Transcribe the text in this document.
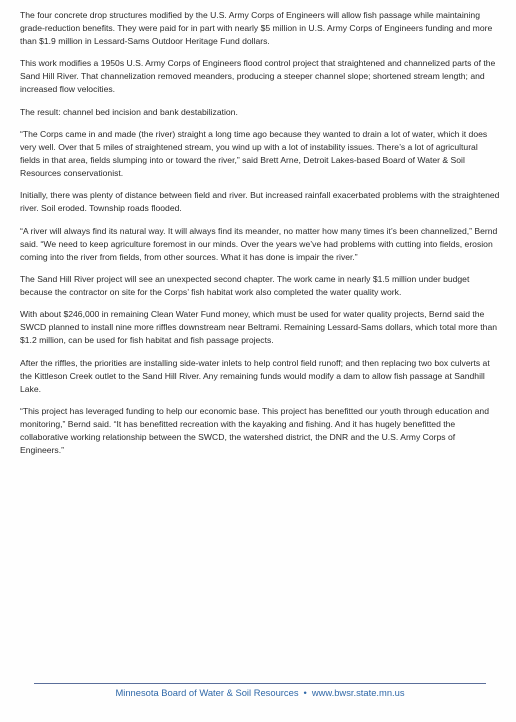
The four concrete drop structures modified by the U.S. Army Corps of Engineers will allow fish passage while maintaining grade-reduction benefits. They were paid for in part with nearly $5 million in U.S. Army Corps of Engineers funding and more than $1.9 million in Lessard-Sams Outdoor Heritage Fund dollars.

This work modifies a 1950s U.S. Army Corps of Engineers flood control project that straightened and channelized parts of the Sand Hill River. That channelization removed meanders, producing a steeper channel slope; shortened stream length; and increased flow velocities.

The result: channel bed incision and bank destabilization.

“The Corps came in and made (the river) straight a long time ago because they wanted to drain a lot of water, which it does very well. Over that 5 miles of straightened stream, you wind up with a lot of instability issues. There’s a lot of agricultural fields in that area, fields slumping into or toward the river,” said Brett Arne, Detroit Lakes-based Board of Water & Soil Resources conservationist.

Initially, there was plenty of distance between field and river. But increased rainfall exacerbated problems with the straightened river. Soil eroded. Township roads flooded.

“A river will always find its natural way. It will always find its meander, no matter how many times it’s been channelized,” Bernd said. “We need to keep agriculture foremost in our minds. Over the years we’ve had problems with cutting into fields, erosion coming into the river from fields, from other sources. What it has done is impair the river.”

The Sand Hill River project will see an unexpected second chapter. The work came in nearly $1.5 million under budget because the contractor on site for the Corps’ fish habitat work also completed the water quality work.

With about $246,000 in remaining Clean Water Fund money, which must be used for water quality projects, Bernd said the SWCD planned to install nine more riffles downstream near Beltrami. Remaining Lessard-Sams dollars, which total more than $1.2 million, can be used for fish habitat and fish passage projects.

After the riffles, the priorities are installing side-water inlets to help control field runoff; and then replacing two box culverts at the Kittleson Creek outlet to the Sand Hill River. Any remaining funds would modify a dam to allow fish passage at Sandhill Lake.

“This project has leveraged funding to help our economic base. This project has benefitted our youth through education and monitoring,” Bernd said. “It has benefitted recreation with the kayaking and fishing. And it has hugely benefitted the collaborative working relationship between the SWCD, the watershed district, the DNR and the U.S. Army Corps of Engineers.”

Minnesota Board of Water & Soil Resources • www.bwsr.state.mn.us
